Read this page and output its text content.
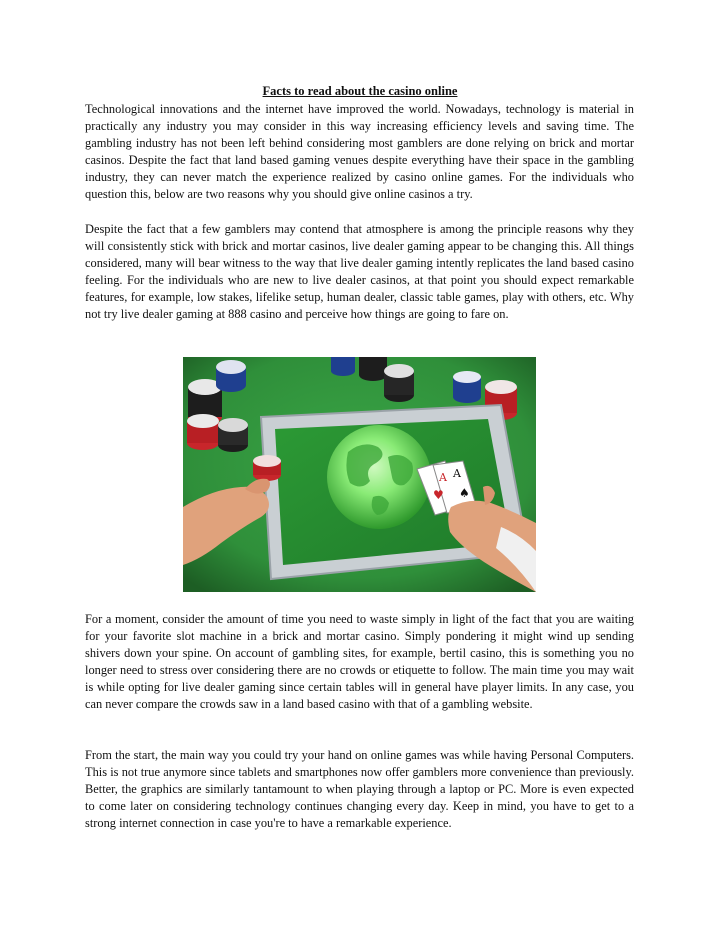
Facts to read about the casino online

Technological innovations and the internet have improved the world. Nowadays, technology is material in practically any industry you may consider in this way increasing efficiency levels and saving time. The gambling industry has not been left behind considering most gamblers are done relying on brick and mortar casinos. Despite the fact that land based gaming venues despite everything have their space in the gambling industry, they can never match the experience realized by casino online games. For the individuals who question this, below are two reasons why you should give online casinos a try.

Despite the fact that a few gamblers may contend that atmosphere is among the principle reasons why they will consistently stick with brick and mortar casinos, live dealer gaming appear to be changing this. All things considered, many will bear witness to the way that live dealer gaming intently replicates the land based casino feeling. For the individuals who are new to live dealer casinos, at that point you should expect remarkable features, for example, low stakes, lifelike setup, human dealer, classic table games, play with others, etc. Why not try live dealer gaming at 888 casino and perceive how things are going to fare on.

A A
♠
♥

For a moment, consider the amount of time you need to waste simply in light of the fact that you are waiting for your favorite slot machine in a brick and mortar casino. Simply pondering it might wind up sending shivers down your spine. On account of gambling sites, for example, bertil casino, this is something you no longer need to stress over considering there are no crowds or etiquette to follow. The main time you may wait is while opting for live dealer gaming since certain tables will in general have player limits. In any case, you can never compare the crowds saw in a land based casino with that of a gambling website.

From the start, the main way you could try your hand on online games was while having Personal Computers. This is not true anymore since tablets and smartphones now offer gamblers more convenience than previously. Better, the graphics are similarly tantamount to when playing through a laptop or PC. More is even expected to come later on considering technology continues changing every day. Keep in mind, you have to get to a strong internet connection in case you're to have a remarkable experience.
